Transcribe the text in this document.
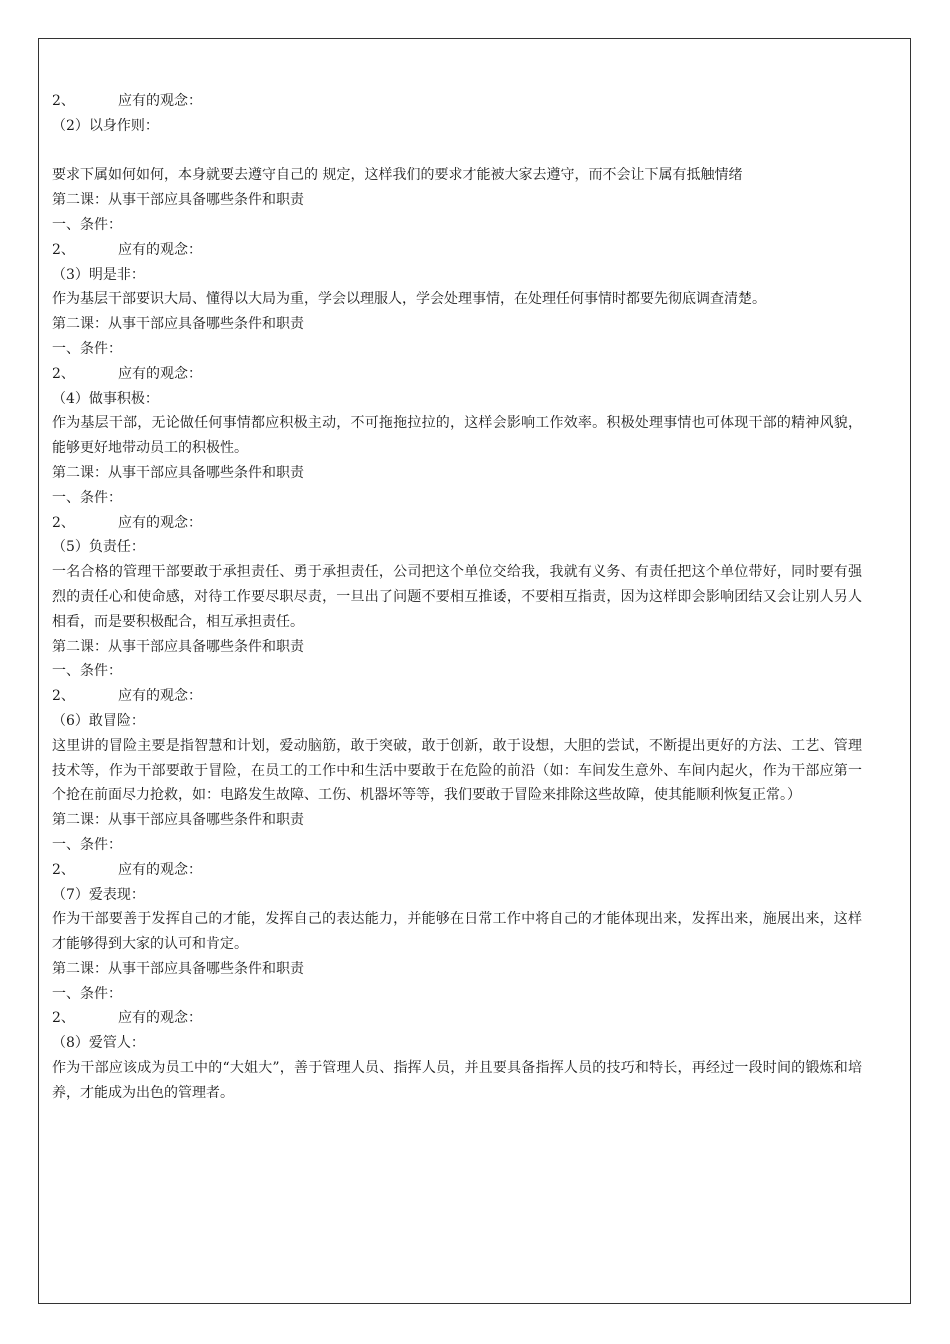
2、	应有的观念：
（2）以身作则：
要求下属如何如何，本身就要去遵守自己的 规定，这样我们的要求才能被大家去遵守，而不会让下属有抵触情绪
第二课：从事干部应具备哪些条件和职责
一、条件：
2、	应有的观念：
（3）明是非：
作为基层干部要识大局、懂得以大局为重，学会以理服人，学会处理事情，在处理任何事情时都要先彻底调查清楚。
第二课：从事干部应具备哪些条件和职责
一、条件：
2、	应有的观念：
（4）做事积极：
作为基层干部，无论做任何事情都应积极主动，不可拖拖拉拉的，这样会影响工作效率。积极处理事情也可体现干部的精神风貌，能够更好地带动员工的积极性。
第二课：从事干部应具备哪些条件和职责
一、条件：
2、	应有的观念：
（5）负责任：
一名合格的管理干部要敢于承担责任、勇于承担责任，公司把这个单位交给我，我就有义务、有责任把这个单位带好，同时要有强烈的责任心和使命感，对待工作要尽职尽责，一旦出了问题不要相互推诿，不要相互指责，因为这样即会影响团结又会让别人另人相看，而是要积极配合，相互承担责任。
第二课：从事干部应具备哪些条件和职责
一、条件：
2、	应有的观念：
（6）敢冒险：
这里讲的冒险主要是指智慧和计划，爱动脑筋，敢于突破，敢于创新，敢于设想，大胆的尝试，不断提出更好的方法、工艺、管理技术等，作为干部要敢于冒险，在员工的工作中和生活中要敢于在危险的前沿（如：车间发生意外、车间内起火，作为干部应第一个抢在前面尽力抢救，如：电路发生故障、工伤、机器坏等等，我们要敢于冒险来排除这些故障，使其能顺利恢复正常。）
第二课：从事干部应具备哪些条件和职责
一、条件：
2、	应有的观念：
（7）爱表现：
作为干部要善于发挥自己的才能，发挥自己的表达能力，并能够在日常工作中将自己的才能体现出来，发挥出来，施展出来，这样才能够得到大家的认可和肯定。
第二课：从事干部应具备哪些条件和职责
一、条件：
2、	应有的观念：
（8）爱管人：
作为干部应该成为员工中的“大姐大”，善于管理人员、指挥人员，并且要具备指挥人员的技巧和特长，再经过一段时间的锻炼和培养，才能成为出色的管理者。
